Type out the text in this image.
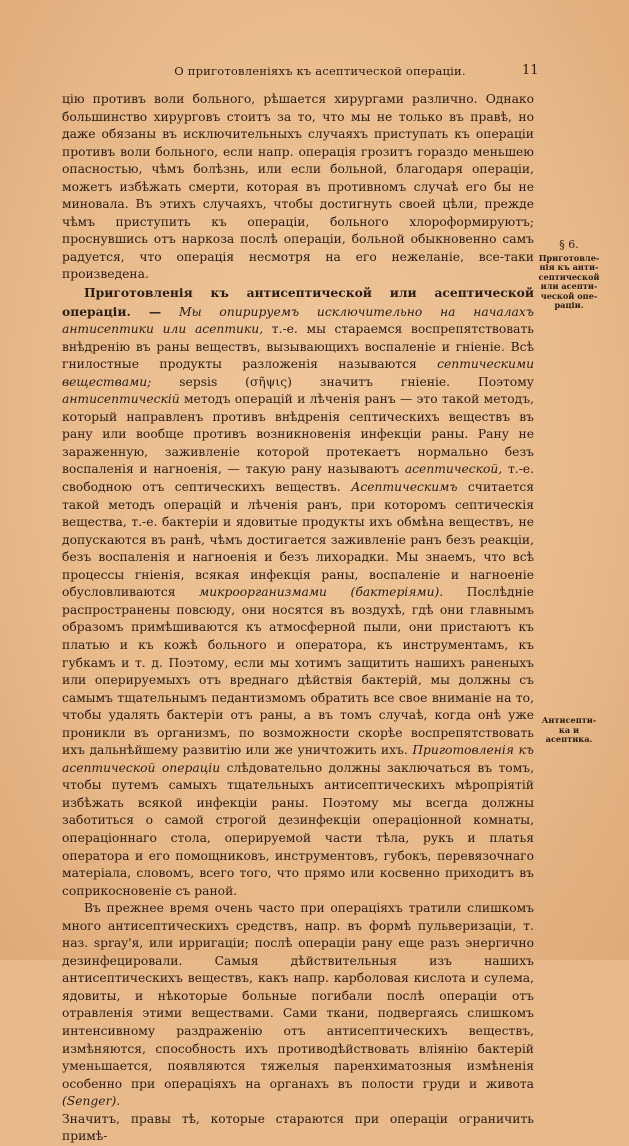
О приготовленіяхъ къ асептической операціи.	11

цію противъ воли больного, рѣшается хирургами различно. Однако большинство хирурговъ стоитъ за то, что мы не только въ правѣ, но даже обязаны въ исключительныхъ случаяхъ приступать къ операціи противъ воли больного, если напр. операція грозитъ гораздо меньшею опасностью, чѣмъ болѣзнь, или если больной, благодаря операціи, можетъ избѣжать смерти, которая въ противномъ случаѣ его бы не миновала. Въ этихъ случаяхъ, чтобы достигнуть своей цѣли, прежде чѣмъ приступить къ операціи, больного хлороформируютъ; проснувшись отъ наркоза послѣ операціи, больной обыкновенно самъ радуется, что операція несмотря на его нежеланіе, все-таки произведена.

Приготовленія къ антисептической или асептической операціи. — Мы опирируемъ исключительно на началахъ антисептики или асептики, т.-е. мы стараемся воспрепятствовать внѣдренію въ раны веществъ, вызывающихъ воспаленіе и гніеніе. Всѣ гнилостные продукты разложенія называются септическими веществами; sepsis (σῆψις) значитъ гніеніе. Поэтому антисептическій методъ операцій и лѣченія ранъ — это такой методъ, который направленъ противъ внѣдренія септическихъ веществъ въ рану или вообще противъ возникновенія инфекціи раны. Рану не зараженную, заживленіе которой протекаетъ нормально безъ воспаленія и нагноенія, — такую рану называютъ асептической, т.-е. свободною отъ септическихъ веществъ. Асептическимъ считается такой методъ операцій и лѣченія ранъ, при которомъ септическія вещества, т.-е. бактеріи и ядовитые продукты ихъ обмѣна веществъ, не допускаются въ ранѣ, чѣмъ достигается заживленіе ранъ безъ реакціи, безъ воспаленія и нагноенія и безъ лихорадки. Мы знаемъ, что всѣ процессы гніенія, всякая инфекція раны, воспаленіе и нагноеніе обусловливаются микроорганизмами (бактеріями). Послѣдніе распространены повсюду, они носятся въ воздухѣ, гдѣ они главнымъ образомъ примѣшиваются къ атмосферной пыли, они пристаютъ къ платью и къ кожѣ больного и оператора, къ инструментамъ, къ губкамъ и т. д. Поэтому, если мы хотимъ защитить нашихъ раненыхъ или оперируемыхъ отъ вреднаго дѣйствія бактерій, мы должны съ самымъ тщательнымъ педантизмомъ обратить все свое вниманіе на то, чтобы удалять бактеріи отъ раны, а въ томъ случаѣ, когда онѣ уже проникли въ организмъ, по возможности скорѣе воспрепятствовать ихъ дальнѣйшему развитію или же уничтожить ихъ. Приготовленія къ асептической операціи слѣдовательно должны заключаться въ томъ, чтобы путемъ самыхъ тщательныхъ антисептическихъ мѣропріятій избѣжать всякой инфекціи раны. Поэтому мы всегда должны заботиться о самой строгой дезинфекціи операціонной комнаты, операціоннаго стола, оперируемой части тѣла, рукъ и платья оператора и его помощниковъ, инструментовъ, губокъ, перевязочнаго матеріала, словомъ, всего того, что прямо или косвенно приходитъ въ соприкосновеніе съ раной.

Въ прежнее время очень часто при операціяхъ тратили слишкомъ много антисептическихъ средствъ, напр. въ формѣ пульверизаціи, т. наз. spray'я, или ирригаціи; послѣ операціи рану еще разъ энергично дезинфецировали. Самыя дѣйствительныя изъ нашихъ антисептическихъ веществъ, какъ напр. карболовая кислота и сулема, ядовиты, и нѣкоторые больные погибали послѣ операціи отъ отравленія этими веществами. Сами ткани, подвергаясь слишкомъ интенсивному раздраженію отъ антисептическихъ веществъ, измѣняются, способность ихъ противодѣйствовать вліянію бактерій уменьшается, появляются тяжелыя паренхиматозныя измѣненія особенно при операціяхъ на органахъ въ полости груди и живота (Senger).
Значитъ, правы тѣ, которые стараются при операціи ограничить примѣ-

§ 6.
Приготовле-нія къ анти-септической или асепти-ческой опе-раціи.
Антисепти-ка и асептика.
